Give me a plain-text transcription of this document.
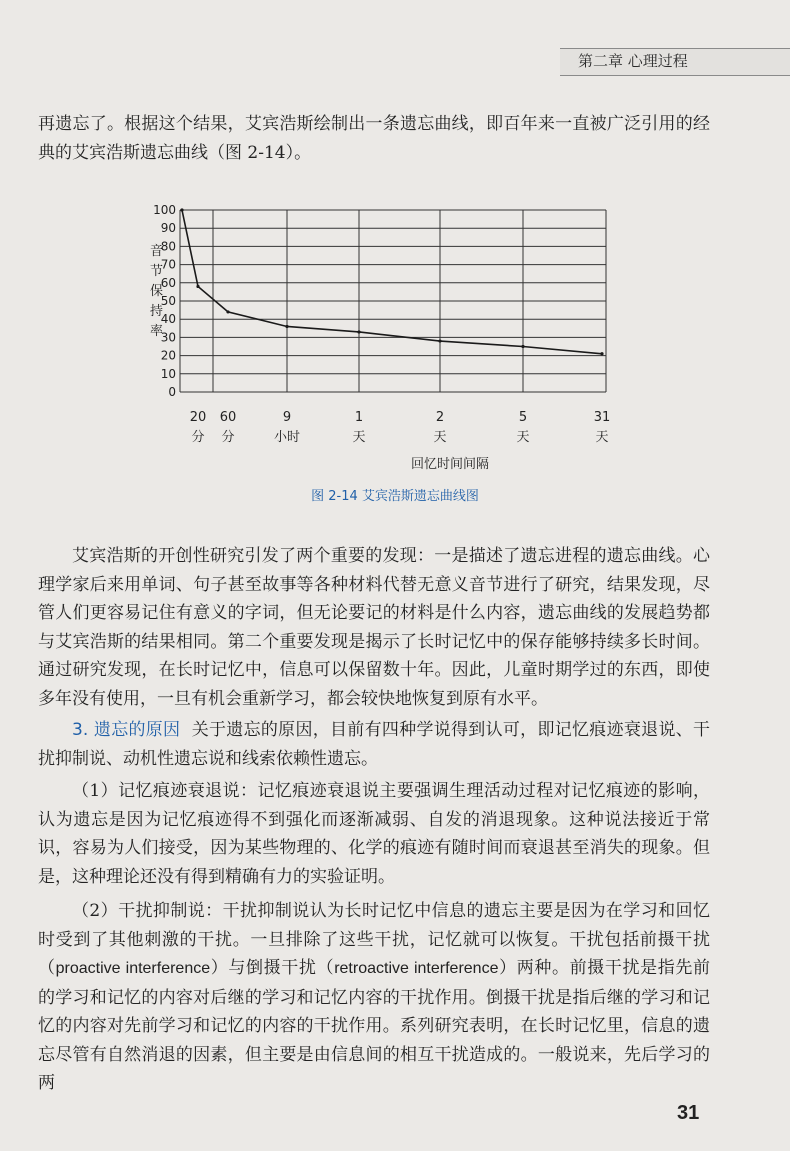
第二章 心理过程

再遗忘了。根据这个结果，艾宾浩斯绘制出一条遗忘曲线，即百年来一直被广泛引用的经典的艾宾浩斯遗忘曲线（图 2-14）。

100
90
80
70
60
50
40
30
20
10
0
20 60	9	1	2	5	31
分 分	小时	天	天	天	天
音节保持率
回忆时间间隔
图 2-14 艾宾浩斯遗忘曲线图

艾宾浩斯的开创性研究引发了两个重要的发现：一是描述了遗忘进程的遗忘曲线。心理学家后来用单词、句子甚至故事等各种材料代替无意义音节进行了研究，结果发现，尽管人们更容易记住有意义的字词，但无论要记的材料是什么内容，遗忘曲线的发展趋势都与艾宾浩斯的结果相同。第二个重要发现是揭示了长时记忆中的保存能够持续多长时间。通过研究发现，在长时记忆中，信息可以保留数十年。因此，儿童时期学过的东西，即使多年没有使用，一旦有机会重新学习，都会较快地恢复到原有水平。

3. 遗忘的原因 关于遗忘的原因，目前有四种学说得到认可，即记忆痕迹衰退说、干扰抑制说、动机性遗忘说和线索依赖性遗忘。

（1）记忆痕迹衰退说：记忆痕迹衰退说主要强调生理活动过程对记忆痕迹的影响，认为遗忘是因为记忆痕迹得不到强化而逐渐减弱、自发的消退现象。这种说法接近于常识，容易为人们接受，因为某些物理的、化学的痕迹有随时间而衰退甚至消失的现象。但是，这种理论还没有得到精确有力的实验证明。

（2）干扰抑制说：干扰抑制说认为长时记忆中信息的遗忘主要是因为在学习和回忆时受到了其他刺激的干扰。一旦排除了这些干扰，记忆就可以恢复。干扰包括前摄干扰（proactive interference）与倒摄干扰（retroactive interference）两种。前摄干扰是指先前的学习和记忆的内容对后继的学习和记忆内容的干扰作用。倒摄干扰是指后继的学习和记忆的内容对先前学习和记忆的内容的干扰作用。系列研究表明，在长时记忆里，信息的遗忘尽管有自然消退的因素，但主要是由信息间的相互干扰造成的。一般说来，先后学习的两

31
